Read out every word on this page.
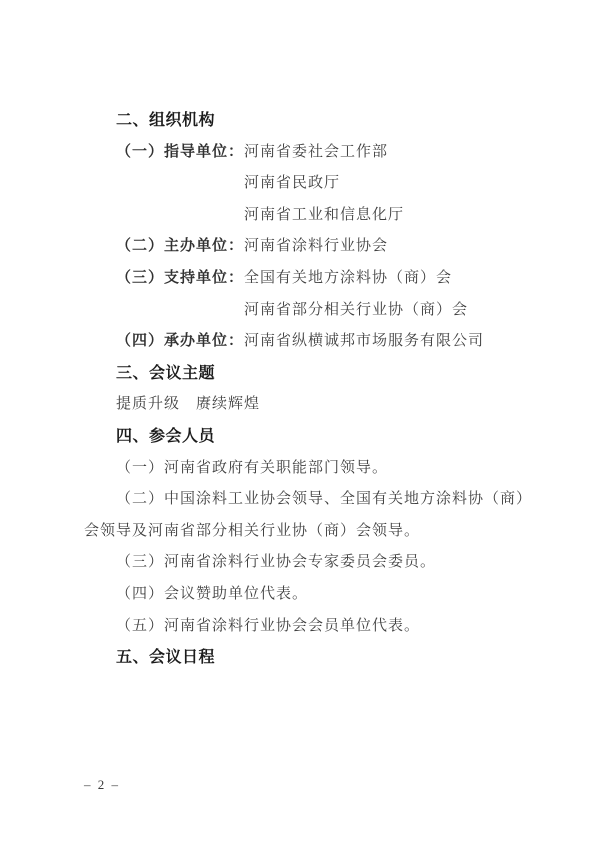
二、组织机构
（一）指导单位：河南省委社会工作部
河南省民政厅
河南省工业和信息化厅
（二）主办单位：河南省涂料行业协会
（三）支持单位：全国有关地方涂料协（商）会
河南省部分相关行业协（商）会
（四）承办单位：河南省纵横诚邦市场服务有限公司
三、会议主题
提质升级　赓续辉煌
四、参会人员
（一）河南省政府有关职能部门领导。
（二）中国涂料工业协会领导、全国有关地方涂料协（商）会领导及河南省部分相关行业协（商）会领导。
（三）河南省涂料行业协会专家委员会委员。
（四）会议赞助单位代表。
（五）河南省涂料行业协会会员单位代表。
五、会议日程
– 2 –
